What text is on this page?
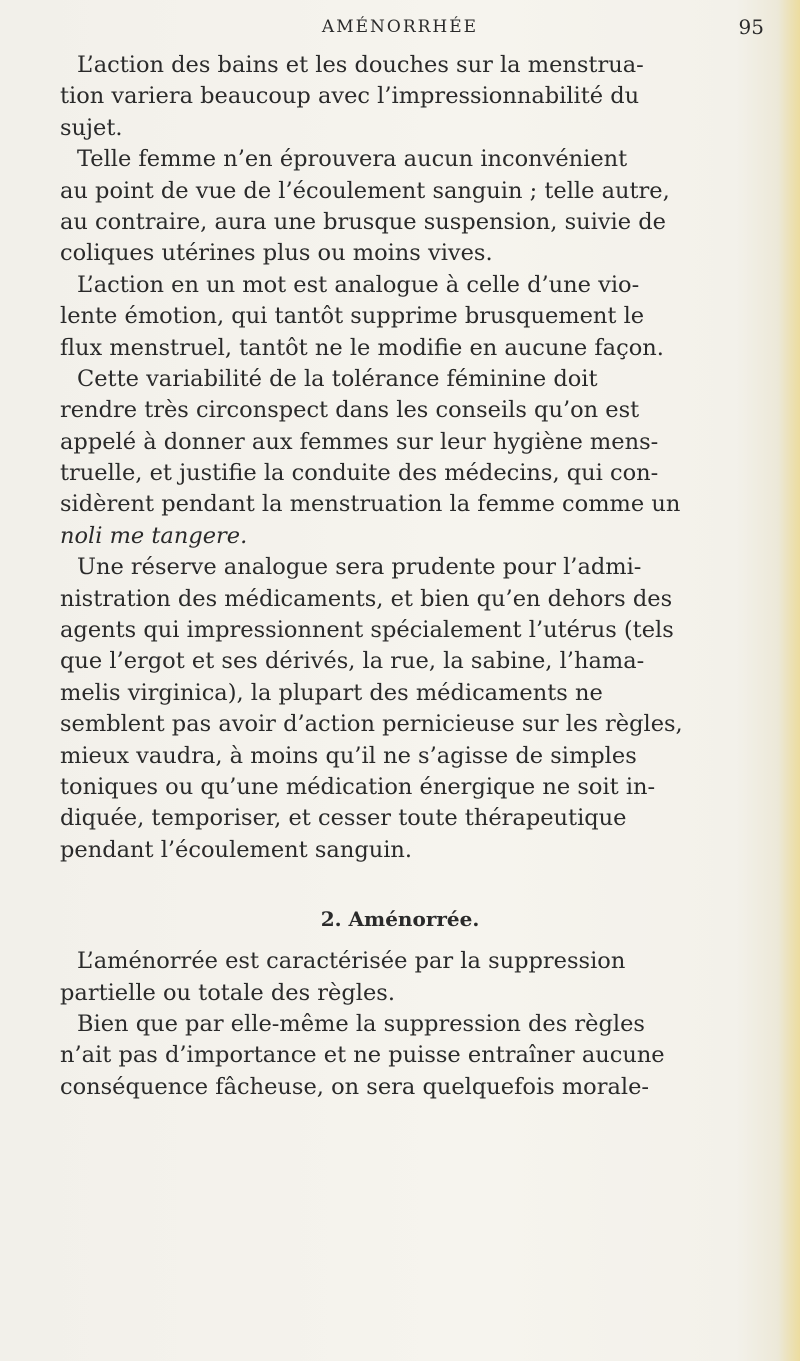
AMÉNORRHÉE	95
L’action des bains et les douches sur la menstrua-
tion variera beaucoup avec l’impressionnabilité du
sujet.
Telle femme n’en éprouvera aucun inconvénient
au point de vue de l’écoulement sanguin ; telle autre,
au contraire, aura une brusque suspension, suivie de
coliques utérines plus ou moins vives.
L’action en un mot est analogue à celle d’une vio-
lente émotion, qui tantôt supprime brusquement le
flux menstruel, tantôt ne le modifie en aucune façon.
Cette variabilité de la tolérance féminine doit
rendre très circonspect dans les conseils qu’on est
appelé à donner aux femmes sur leur hygiène mens-
truelle, et justifie la conduite des médecins, qui con-
sidèrent pendant la menstruation la femme comme un
noli me tangere.
Une réserve analogue sera prudente pour l’admi-
nistration des médicaments, et bien qu’en dehors des
agents qui impressionnent spécialement l’utérus (tels
que l’ergot et ses dérivés, la rue, la sabine, l’hama-
melis virginica), la plupart des médicaments ne
semblent pas avoir d’action pernicieuse sur les règles,
mieux vaudra, à moins qu’il ne s’agisse de simples
toniques ou qu’une médication énergique ne soit in-
diquée, temporiser, et cesser toute thérapeutique
pendant l’écoulement sanguin.
2. Aménorrée.
L’aménorrée est caractérisée par la suppression
partielle ou totale des règles.
Bien que par elle-même la suppression des règles
n’ait pas d’importance et ne puisse entraîner aucune
conséquence fâcheuse, on sera quelquefois morale-
